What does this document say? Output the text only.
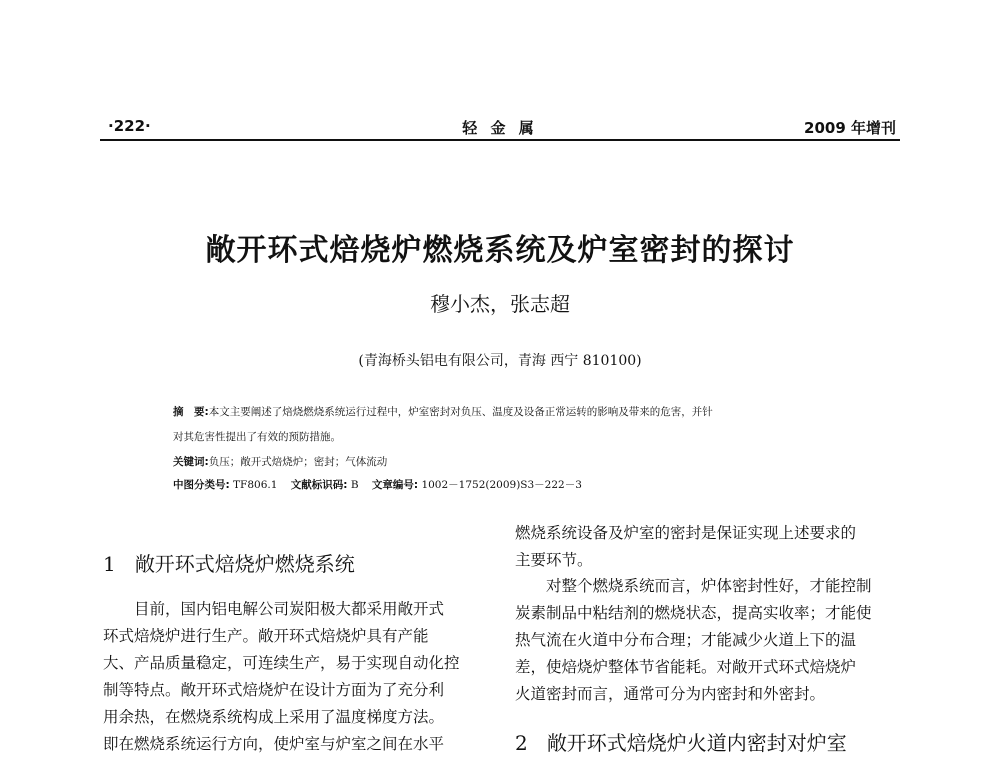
·222·	轻 金 属	2009 年增刊
敞开环式焙烧炉燃烧系统及炉室密封的探讨
穆小杰，张志超
(青海桥头铝电有限公司，青海 西宁 810100)
摘　要:本文主要阐述了焙烧燃烧系统运行过程中，炉室密封对负压、温度及设备正常运转的影响及带来的危害，并针
对其危害性提出了有效的预防措施。
关键词:负压；敞开式焙烧炉；密封；气体流动
中图分类号: TF806.1 文献标识码: B 文章编号: 1002－1752(2009)S3－222－3
1 敞开环式焙烧炉燃烧系统

　　目前，国内铝电解公司炭阳极大都采用敞开式

环式焙烧炉进行生产。敞开环式焙烧炉具有产能

大、产品质量稳定，可连续生产，易于实现自动化控

制等特点。敞开环式焙烧炉在设计方面为了充分利

用余热，在燃烧系统构成上采用了温度梯度方法。

即在燃烧系统运行方向，使炉室与炉室之间在水平

燃烧系统设备及炉室的密封是保证实现上述要求的

主要环节。

　　对整个燃烧系统而言，炉体密封性好，才能控制

炭素制品中粘结剂的燃烧状态，提高实收率；才能使

热气流在火道中分布合理；才能减少火道上下的温

差，使焙烧炉整体节省能耗。对敞开式环式焙烧炉

火道密封而言，通常可分为内密封和外密封。

2 敞开环式焙烧炉火道内密封对炉室
